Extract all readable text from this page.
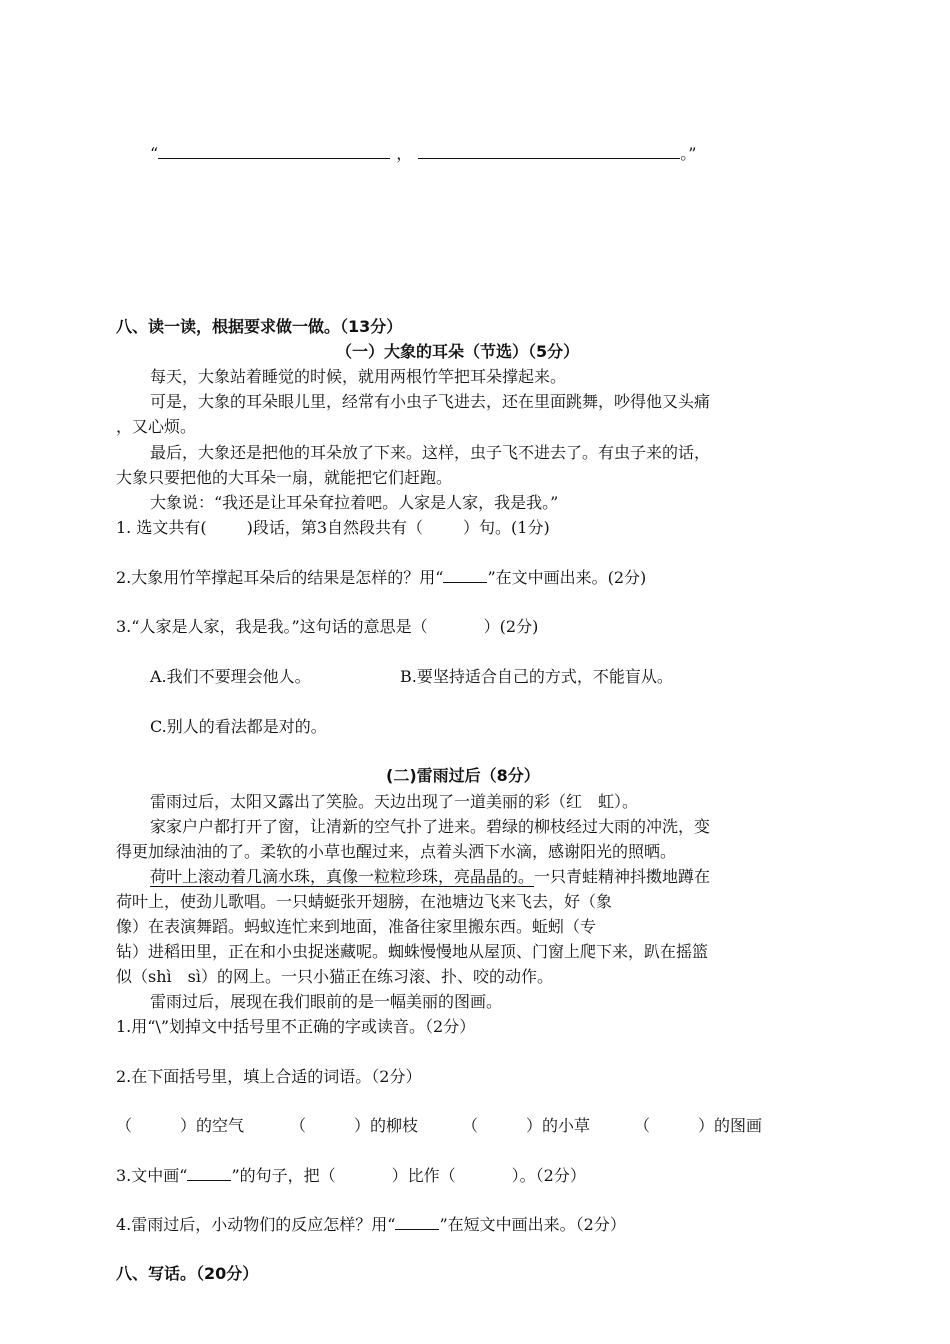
“	，	。”
八、读一读，根据要求做一做。（13分）
（一）大象的耳朵（节选）（5分）
每天，大象站着睡觉的时候，就用两根竹竿把耳朵撑起来。
可是，大象的耳朵眼儿里，经常有小虫子飞进去，还在里面跳舞，吵得他又头痛
，又心烦。
最后，大象还是把他的耳朵放了下来。这样，虫子飞不进去了。有虫子来的话，
大象只要把他的大耳朵一扇，就能把它们赶跑。
大象说：“我还是让耳朵耷拉着吧。人家是人家，我是我。”
1. 选文共有(	)段话，第3自然段共有（	）句。(1分)
2.大象用竹竿撑起耳朵后的结果是怎样的？用“	”在文中画出来。(2分)
3.“人家是人家，我是我。”这句话的意思是（	）(2分)
A.我们不要理会他人。	B.要坚持适合自己的方式，不能盲从。
C.别人的看法都是对的。
(二)雷雨过后（8分）
雷雨过后，太阳又露出了笑脸。天边出现了一道美丽的彩（红　虹）。
家家户户都打开了窗，让清新的空气扑了进来。碧绿的柳枝经过大雨的冲洗，变
得更加绿油油的了。柔软的小草也醒过来，点着头洒下水滴，感谢阳光的照晒。
荷叶上滚动着几滴水珠，真像一粒粒珍珠，亮晶晶的。一只青蛙精神抖擞地蹲在
荷叶上，使劲儿歌唱。一只蜻蜓张开翅膀，在池塘边飞来飞去，好（象
像）在表演舞蹈。蚂蚁连忙来到地面，准备往家里搬东西。蚯蚓（专
钻）进稻田里，正在和小虫捉迷藏呢。蜘蛛慢慢地从屋顶、门窗上爬下来，趴在摇篮
似（shì　sì）的网上。一只小猫正在练习滚、扑、咬的动作。
雷雨过后，展现在我们眼前的是一幅美丽的图画。
1.用“\”划掉文中括号里不正确的字或读音。（2分）
2.在下面括号里，填上合适的词语。（2分）
（　　　）的空气	（　　　）的柳枝	（　　　）的小草	（　　　）的图画
3.文中画“	”的句子，把（	）比作（	）。（2分）
4.雷雨过后，小动物们的反应怎样？用“	”在短文中画出来。（2分）
八、写话。（20分）
